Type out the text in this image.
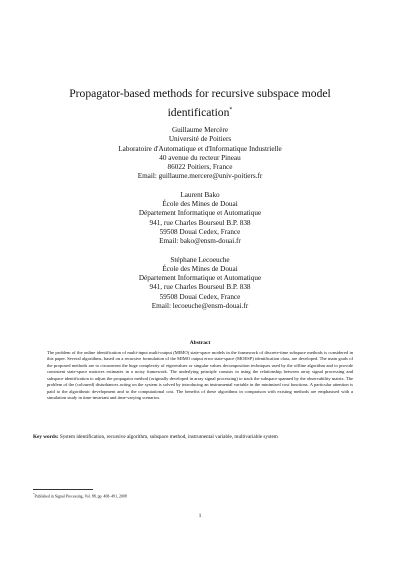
Propagator-based methods for recursive subspace model identification*
Guillaume Mercère
Université de Poitiers
Laboratoire d'Automatique et d'Informatique Industrielle
40 avenue du recteur Pineau
86022 Poitiers, France
Email: guillaume.mercere@univ-poitiers.fr
Laurent Bako
École des Mines de Douai
Département Informatique et Automatique
941, rue Charles Bourseul B.P. 838
59508 Douai Cedex, France
Email: bako@ensm-douai.fr
Stéphane Lecoeuche
École des Mines de Douai
Département Informatique et Automatique
941, rue Charles Bourseul B.P. 838
59508 Douai Cedex, France
Email: lecoeuche@ensm-douai.fr
Abstract
The problem of the online identification of multi-input multi-output (MIMO) state-space models in the framework of discrete-time subspace methods is considered in this paper. Several algorithms, based on a recursive formulation of the MIMO output error state-space (MOESP) identification class, are developed. The main goals of the proposed methods are to circumvent the huge complexity of eigenvalues or singular values decomposition techniques used by the offline algorithm and to provide consistent state-space matrices estimates in a noisy framework. The underlying principle consists in using the relationship between array signal processing and subspace identification to adjust the propagator method (originally developed in array signal processing) to track the subspace spanned by the observability matrix. The problem of the (coloured) disturbances acting on the system is solved by introducing an instrumental variable in the minimised cost functions. A particular attention is paid to the algorithmic development and to the computational cost. The benefits of these algorithms in comparison with existing methods are emphasised with a simulation study in time-invariant and time-varying scenarios.
Key words: System identification, recursive algorithm, subspace method, instrumental variable, multivariable system
*Published in Signal Processing, Vol. 88, pp. 468–491, 2008
1
